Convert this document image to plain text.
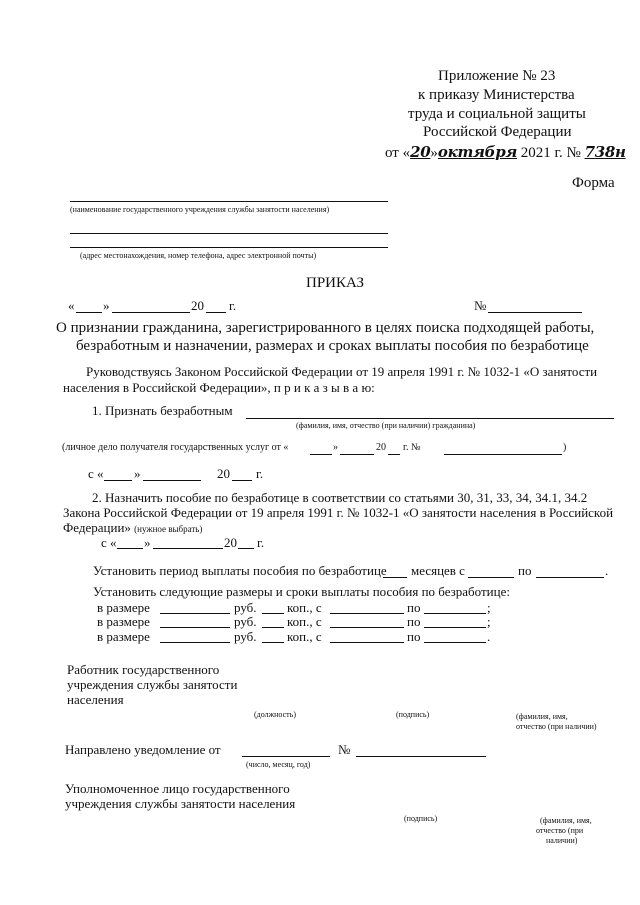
Приложение № 23
к приказу Министерства
труда и социальной защиты
Российской Федерации
от «20»октября 2021 г. № 738н
Форма
(наименование государственного учреждения службы занятости населения)
(адрес местонахождения, номер телефона, адрес электронной почты)
ПРИКАЗ
« »	20 г.	№
О признании гражданина, зарегистрированного в целях поиска подходящей работы,
безработным и назначении, размерах и сроках выплаты пособия по безработице
Руководствуясь Законом Российской Федерации от 19 апреля 1991 г. № 1032-1 «О занятости
населения в Российской Федерации», п р и к а з ы в а ю:
1. Признать безработным
(фамилия, имя, отчество (при наличии) гражданина)
(личное дело получателя государственных услуг от «	»	20 г. №	)
с « »	20 г.
2. Назначить пособие по безработице в соответствии со статьями 30, 31, 33, 34, 34.1, 34.2
Закона Российской Федерации от 19 апреля 1991 г. № 1032-1 «О занятости населения в Российской
Федерации» (нужное выбрать)
с « »	20 г.
Установить период выплаты пособия по безработице месяцев с	по	.
Установить следующие размеры и сроки выплаты пособия по безработице:
в размере	руб. коп., с	по	;
в размере	руб. коп., с	по	;
в размере	руб. коп., с	по	.
Работник государственного
учреждения службы занятости
населения
(должность)	(подпись)	(фамилия, имя,
отчество (при наличии)
Направлено уведомление от	№
(число, месяц, год)
Уполномоченное лицо государственного
учреждения службы занятости населения
(подпись)	(фамилия, имя,
отчество (при
наличии)
